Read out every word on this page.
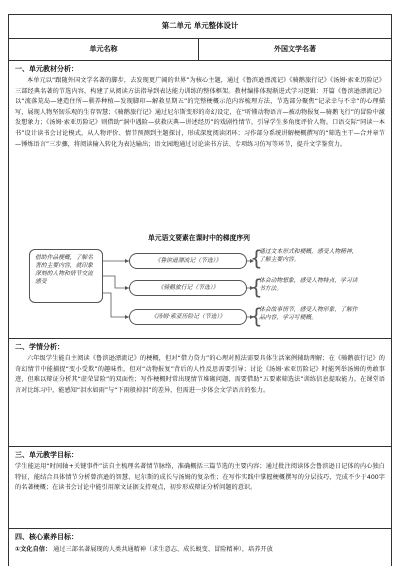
第二单元 单元整体设计
单元名称	外国文学名著
一、单元教材分析：
本单元以“跟随外国文学名著的脚步，去发现更广阔的世界”为核心主题，通过《鲁滨逊漂流记》《骑鹅旅行记》《汤姆·索亚历险记》三部经典名著的节选内容，构建了从阅读方法指导到表达能力训练的整体框架。教材编排体现渐进式学习逻辑：开篇《鲁滨逊漂流记》以“流落荒岛—建造住所—驯养种植—发现脚印—解救星期五”的完整梗概示范内容梳理方法，节选部分聚焦“记录幸与不幸”的心理描写，展现人物坚韧乐观的生存智慧；《骑鹅旅行记》通过尼尔斯变形的奇幻设定，在“听懂动物语言—被动物报复—骑鹅飞行”的冒险中激发想象力；《汤姆·索亚历险记》则借助“洞中遇险—获救庆典—讲述经历”的戏剧性情节，引导学生多角度评价人物。口语交际“同读一本书”设计读书会讨论模式，从人物评价、情节预测到主题探讨，形成深度阅读闭环；习作部分系统讲解梗概撰写的“筛选主干—合并章节—锤炼语言”三步骤，将阅读输入转化为表达输出；语文园地通过讨论读书方法、专项练习仿写等环节，提升文学鉴赏力。
单元语文要素在课时中的梯度序列
借助作品梗概，了解名著的主要内容，就印象深刻的人物和情节交流感受
《鲁滨逊漂流记（节选）》
《骑鹅旅行记（节选）》
《汤姆·索亚历险记（节选）》
{
通过文本形式和梗概，感受人物精神，了解主要内容。
{
体会动物想象，感受人物特点，学习读书方法。
{
体会故事情节，感受人物形象，了解作品内容，学习写梗概。
二、学情分析：
六年级学生能自主阅读《鲁滨逊漂流记》的梗概，但对“借力贷力”的心理对照法需要具体生活案例辅助理解；在《骑鹅旅行记》的奇幻情节中能捕捉“变小受欺”的趣味性，但对“动物报复”背后的人性反思需要引导；讨论《汤姆·索亚历险记》时能列举汤姆的勇敢事迹，但难以辩证分析其“虚荣冒险”的双面性；写作梗概时常出现情节堆砌问题，需要借助“五要素筛选法”训练信息提取能力。在课堂语言对比练习中，能感知“泪水如雨”与“下雨般掉泪”的差异，但需进一步体会文学语言的张力。
三、单元教学目标：
学生能运用“时间轴+关键事件”法自主梳理名著情节脉络，准确概括三篇节选的主要内容；通过批注阅读体会鲁滨逊日记体的内心独白特征，能结合具体情节分析曾滨逊的智慧、尼尔斯的成长与汤姆的复杂性；在写作实践中掌握梗概撰写的分层技巧，完成不少于400字的名著梗概；在读书会讨论中能引用原文证据支持观点，初步形成辩证分析问题的意识。
四、核心素养目标：
①文化自信： 通过三部名著展现的人类共通精神（求生意志、成长蜕变、冒险精神），培养开放
